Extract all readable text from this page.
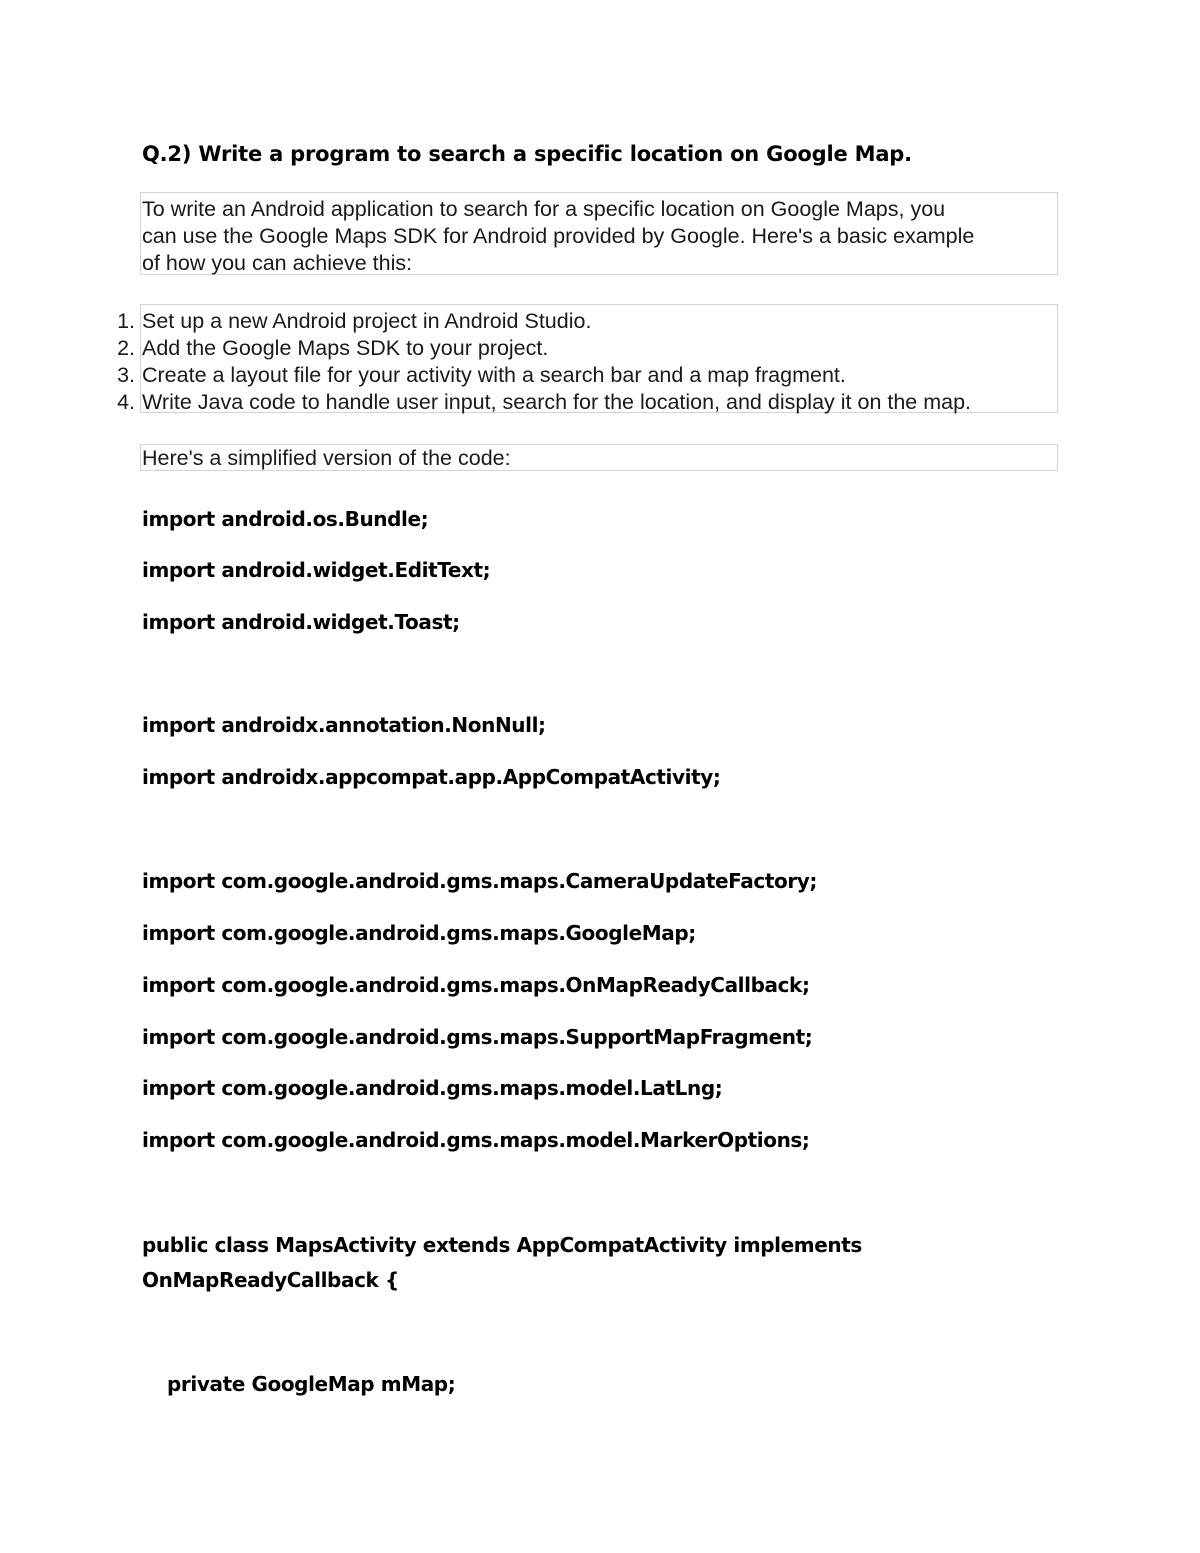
Q.2) Write a program to search a specific location on Google Map.
To write an Android application to search for a specific location on Google Maps, you
can use the Google Maps SDK for Android provided by Google. Here's a basic example
of how you can achieve this:
1. Set up a new Android project in Android Studio.
2. Add the Google Maps SDK to your project.
3. Create a layout file for your activity with a search bar and a map fragment.
4. Write Java code to handle user input, search for the location, and display it on the map.
Here's a simplified version of the code:
import android.os.Bundle;
import android.widget.EditText;
import android.widget.Toast;
import androidx.annotation.NonNull;
import androidx.appcompat.app.AppCompatActivity;
import com.google.android.gms.maps.CameraUpdateFactory;
import com.google.android.gms.maps.GoogleMap;
import com.google.android.gms.maps.OnMapReadyCallback;
import com.google.android.gms.maps.SupportMapFragment;
import com.google.android.gms.maps.model.LatLng;
import com.google.android.gms.maps.model.MarkerOptions;
public class MapsActivity extends AppCompatActivity implements
OnMapReadyCallback {
private GoogleMap mMap;
